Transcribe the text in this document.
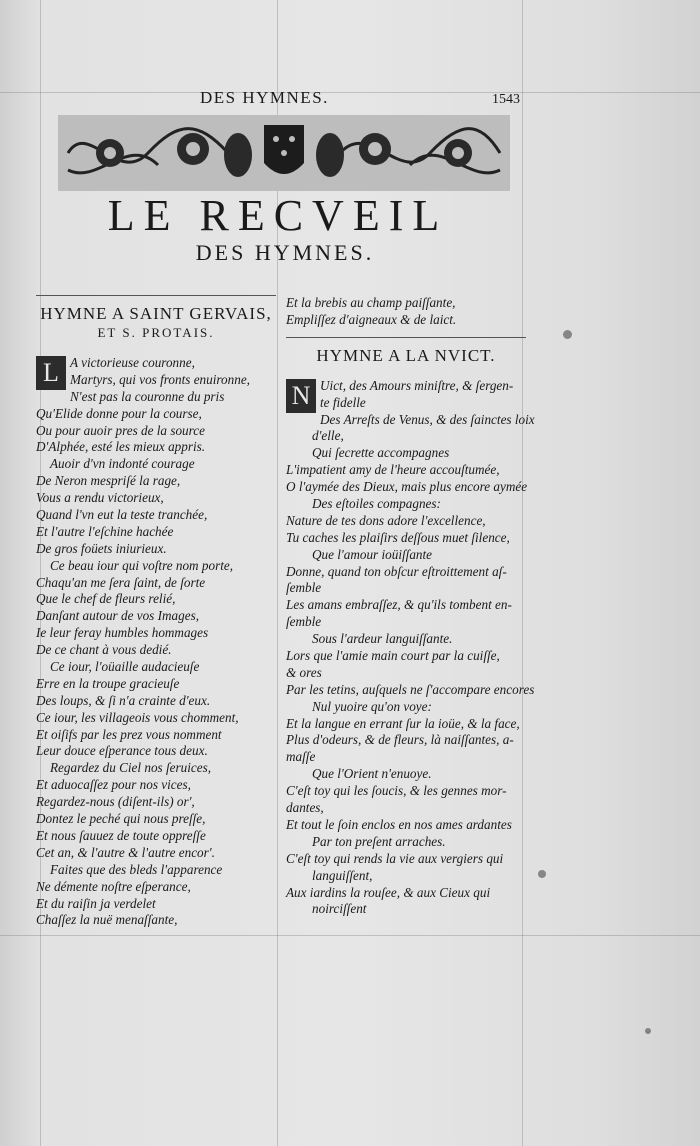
DES HYMNES.	1543
LE RECVEIL
DES HYMNES.
HYMNE A SAINT GERVAIS,
ET S. PROTAIS.
L A victorieuse couronne,
Martyrs, qui vos fronts enuironne,
N'est pas la couronne du pris
Qu'Elide donne pour la course,
Ou pour auoir pres de la source
D'Alphée, esté les mieux appris.
Auoir d'vn indonté courage
De Neron mespriſé la rage,
Vous a rendu victorieux,
Quand l'vn eut la teste tranchée,
Et l'autre l'eſchine hachée
De gros foüets iniurieux.
Ce beau iour qui voſtre nom porte,
Chaqu'an me ſera ſaint, de ſorte
Que le chef de fleurs relié,
Danſant autour de vos Images,
Ie leur feray humbles hommages
De ce chant à vous dedié.
Ce iour, l'oüaille audacieuſe
Erre en la troupe gracieuſe
Des loups, & ſi n'a crainte d'eux.
Ce iour, les villageois vous chomment,
Et oiſifs par les prez vous nomment
Leur douce eſperance tous deux.
Regardez du Ciel nos ſeruices,
Et aduocaſſez pour nos vices,
Regardez-nous (diſent-ils) or',
Dontez le peché qui nous preſſe,
Et nous ſauuez de toute oppreſſe
Cet an, & l'autre & l'autre encor'.
Faites que des bleds l'apparence
Ne démente noſtre eſperance,
Et du raiſin ja verdelet
Chaſſez la nuë menaſſante,
Et la brebis au champ paiſſante,
Empliſſez d'aigneaux & de laict.
HYMNE A LA NVICT.
N Uict, des Amours miniſtre, & ſergen-
te fidelle
Des Arreſts de Venus, & des ſainctes loix
d'elle,
Qui ſecrette accompagnes
L'impatient amy de l'heure accouſtumée,
O l'aymée des Dieux, mais plus encore aymée
Des eſtoiles compagnes:
Nature de tes dons adore l'excellence,
Tu caches les plaiſirs deſſous muet ſilence,
Que l'amour ioüiſſante
Donne, quand ton obſcur eſtroittement aſ-
ſemble
Les amans embraſſez, & qu'ils tombent en-
ſemble
Sous l'ardeur languiſſante.
Lors que l'amie main court par la cuiſſe,
& ores
Par les tetins, auſquels ne ſ'accompare encores
Nul yuoire qu'on voye:
Et la langue en errant ſur la ioüe, & la face,
Plus d'odeurs, & de fleurs, là naiſſantes, a-
maſſe
Que l'Orient n'enuoye.
C'eſt toy qui les ſoucis, & les gennes mor-
dantes,
Et tout le ſoin enclos en nos ames ardantes
Par ton preſent arraches.
C'eſt toy qui rends la vie aux vergiers qui
languiſſent,
Aux iardins la rouſee, & aux Cieux qui
noirciſſent
